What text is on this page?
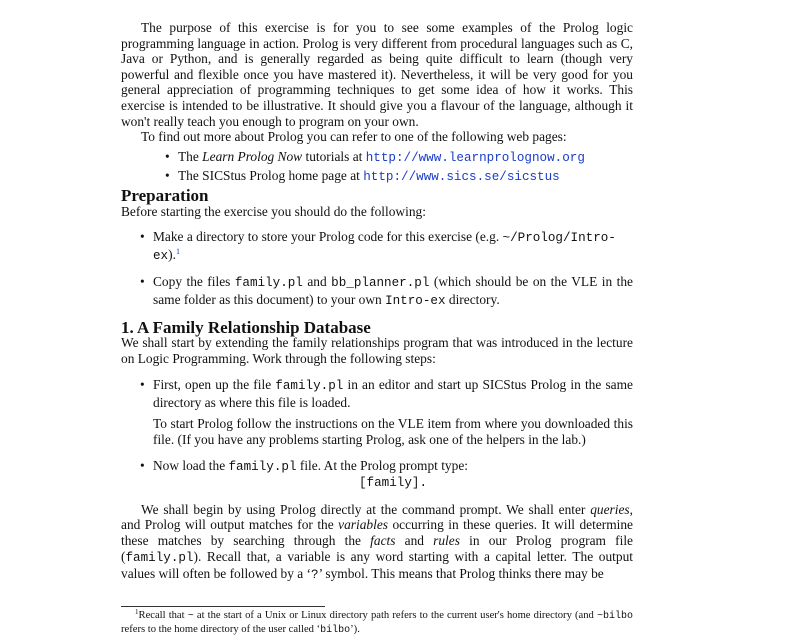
The purpose of this exercise is for you to see some examples of the Prolog logic programming language in action. Prolog is very different from procedural languages such as C, Java or Python, and is generally regarded as being quite difficult to learn (though very powerful and flexible once you have mastered it). Nevertheless, it will be very good for you general appreciation of programming techniques to get some idea of how it works. This exercise is intended to be illustrative. It should give you a flavour of the language, although it won't really teach you enough to program on your own.

To find out more about Prolog you can refer to one of the following web pages:

• The Learn Prolog Now tutorials at http://www.learnprolognow.org
• The SICStus Prolog home page at http://www.sics.se/sicstus
Preparation

Before starting the exercise you should do the following:

• Make a directory to store your Prolog code for this exercise (e.g. ~/Prolog/Intro-ex).$^1$
• Copy the files family.pl and bb_planner.pl (which should be on the VLE in the same folder as this document) to your own Intro-ex directory.

1. A Family Relationship Database

We shall start by extending the family relationships program that was introduced in the lecture on Logic Programming. Work through the following steps:

• First, open up the file family.pl in an editor and start up SICStus Prolog in the same directory as where this file is loaded.

To start Prolog follow the instructions on the VLE item from where you downloaded this file. (If you have any problems starting Prolog, ask one of the helpers in the lab.)

• Now load the family.pl file. At the Prolog prompt type:

[family].

We shall begin by using Prolog directly at the command prompt. We shall enter queries, and Prolog will output matches for the variables occurring in these queries. It will determine these matches by searching through the facts and rules in our Prolog program file (family.pl). Recall that, a variable is any word starting with a capital letter. The output values will often be followed by a ‘?’ symbol. This means that Prolog thinks there may be

$^1$Recall that ~ at the start of a Unix or Linux directory path refers to the current user's home directory (and ~bilbo refers to the home directory of the user called ‘bilbo’).
